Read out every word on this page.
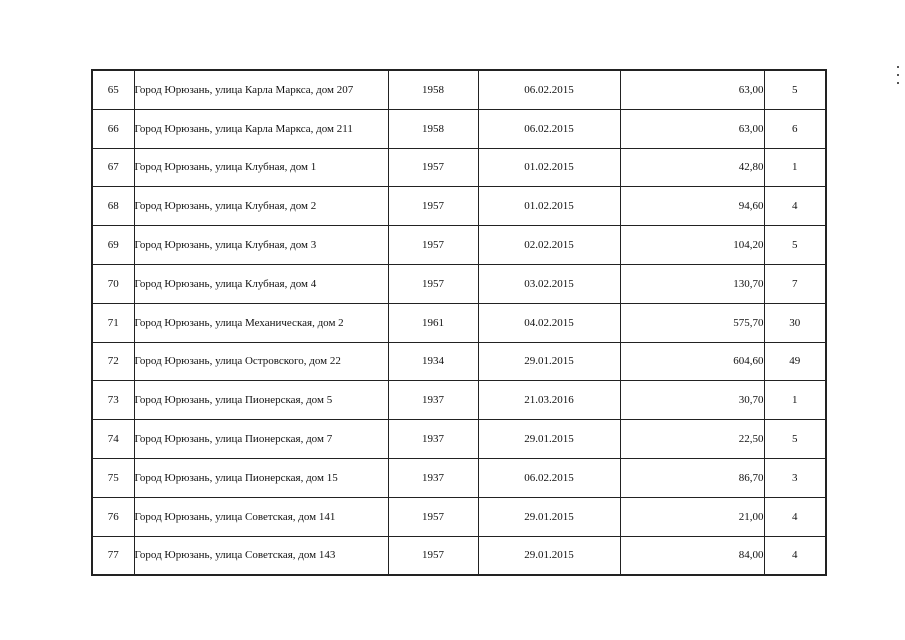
65	Город Юрюзань, улица Карла Маркса, дом 207	1958	06.02.2015	63,00	5
66	Город Юрюзань, улица Карла Маркса, дом 211	1958	06.02.2015	63,00	6
67	Город Юрюзань, улица Клубная, дом 1	1957	01.02.2015	42,80	1
68	Город Юрюзань, улица Клубная, дом 2	1957	01.02.2015	94,60	4
69	Город Юрюзань, улица Клубная, дом 3	1957	02.02.2015	104,20	5
70	Город Юрюзань, улица Клубная, дом 4	1957	03.02.2015	130,70	7
71	Город Юрюзань, улица Механическая, дом 2	1961	04.02.2015	575,70	30
72	Город Юрюзань, улица Островского, дом 22	1934	29.01.2015	604,60	49
73	Город Юрюзань, улица Пионерская, дом 5	1937	21.03.2016	30,70	1
74	Город Юрюзань, улица Пионерская, дом 7	1937	29.01.2015	22,50	5
75	Город Юрюзань, улица Пионерская, дом 15	1937	06.02.2015	86,70	3
76	Город Юрюзань, улица Советская, дом 141	1957	29.01.2015	21,00	4
77	Город Юрюзань, улица Советская, дом 143	1957	29.01.2015	84,00	4
